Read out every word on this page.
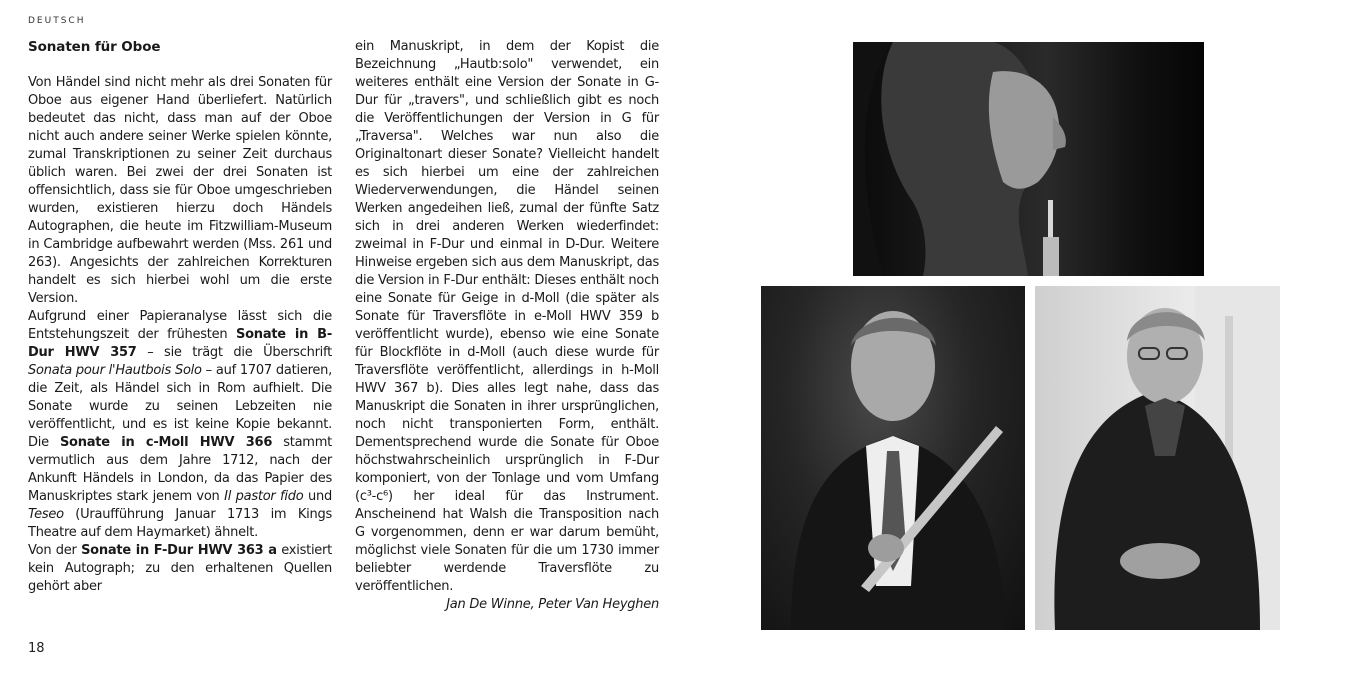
DEUTSCH
Sonaten für Oboe

Von Händel sind nicht mehr als drei Sonaten für Oboe aus eigener Hand überliefert. Natürlich bedeutet das nicht, dass man auf der Oboe nicht auch andere seiner Werke spielen könnte, zumal Transkriptionen zu seiner Zeit durchaus üblich waren. Bei zwei der drei Sonaten ist offensichtlich, dass sie für Oboe umgeschrieben wurden, existieren hierzu doch Händels Autographen, die heute im Fitzwilliam-Museum in Cambridge aufbewahrt werden (Mss. 261 und 263). Angesichts der zahlreichen Korrekturen handelt es sich hierbei wohl um die erste Version.

Aufgrund einer Papieranalyse lässt sich die Entstehungszeit der frühesten Sonate in B-Dur HWV 357 – sie trägt die Überschrift Sonata pour l'Hautbois Solo – auf 1707 datieren, die Zeit, als Händel sich in Rom aufhielt. Die Sonate wurde zu seinen Lebzeiten nie veröffentlicht, und es ist keine Kopie bekannt. Die Sonate in c-Moll HWV 366 stammt vermutlich aus dem Jahre 1712, nach der Ankunft Händels in London, da das Papier des Manuskriptes stark jenem von Il pastor fido und Teseo (Uraufführung Januar 1713 im Kings Theatre auf dem Haymarket) ähnelt.

Von der Sonate in F-Dur HWV 363 a existiert kein Autograph; zu den erhaltenen Quellen gehört aber

ein Manuskript, in dem der Kopist die Bezeichnung „Hautb:solo" verwendet, ein weiteres enthält eine Version der Sonate in G-Dur für „travers", und schließlich gibt es noch die Veröffentlichungen der Version in G für „Traversa". Welches war nun also die Originaltonart dieser Sonate? Vielleicht handelt es sich hierbei um eine der zahlreichen Wiederverwendungen, die Händel seinen Werken angedeihen ließ, zumal der fünfte Satz sich in drei anderen Werken wiederfindet: zweimal in F-Dur und einmal in D-Dur. Weitere Hinweise ergeben sich aus dem Manuskript, das die Version in F-Dur enthält: Dieses enthält noch eine Sonate für Geige in d-Moll (die später als Sonate für Traversflöte in e-Moll HWV 359 b veröffentlicht wurde), ebenso wie eine Sonate für Blockflöte in d-Moll (auch diese wurde für Traversflöte veröffentlicht, allerdings in h-Moll HWV 367 b). Dies alles legt nahe, dass das Manuskript die Sonaten in ihrer ursprünglichen, noch nicht transponierten Form, enthält. Dementsprechend wurde die Sonate für Oboe höchstwahrscheinlich ursprünglich in F-Dur komponiert, von der Tonlage und vom Umfang (c³-c⁶) her ideal für das Instrument. Anscheinend hat Walsh die Transposition nach G vorgenommen, denn er war darum bemüht, möglichst viele Sonaten für die um 1730 immer beliebter werdende Traversflöte zu veröffentlichen.

Jan De Winne, Peter Van Heyghen

18
